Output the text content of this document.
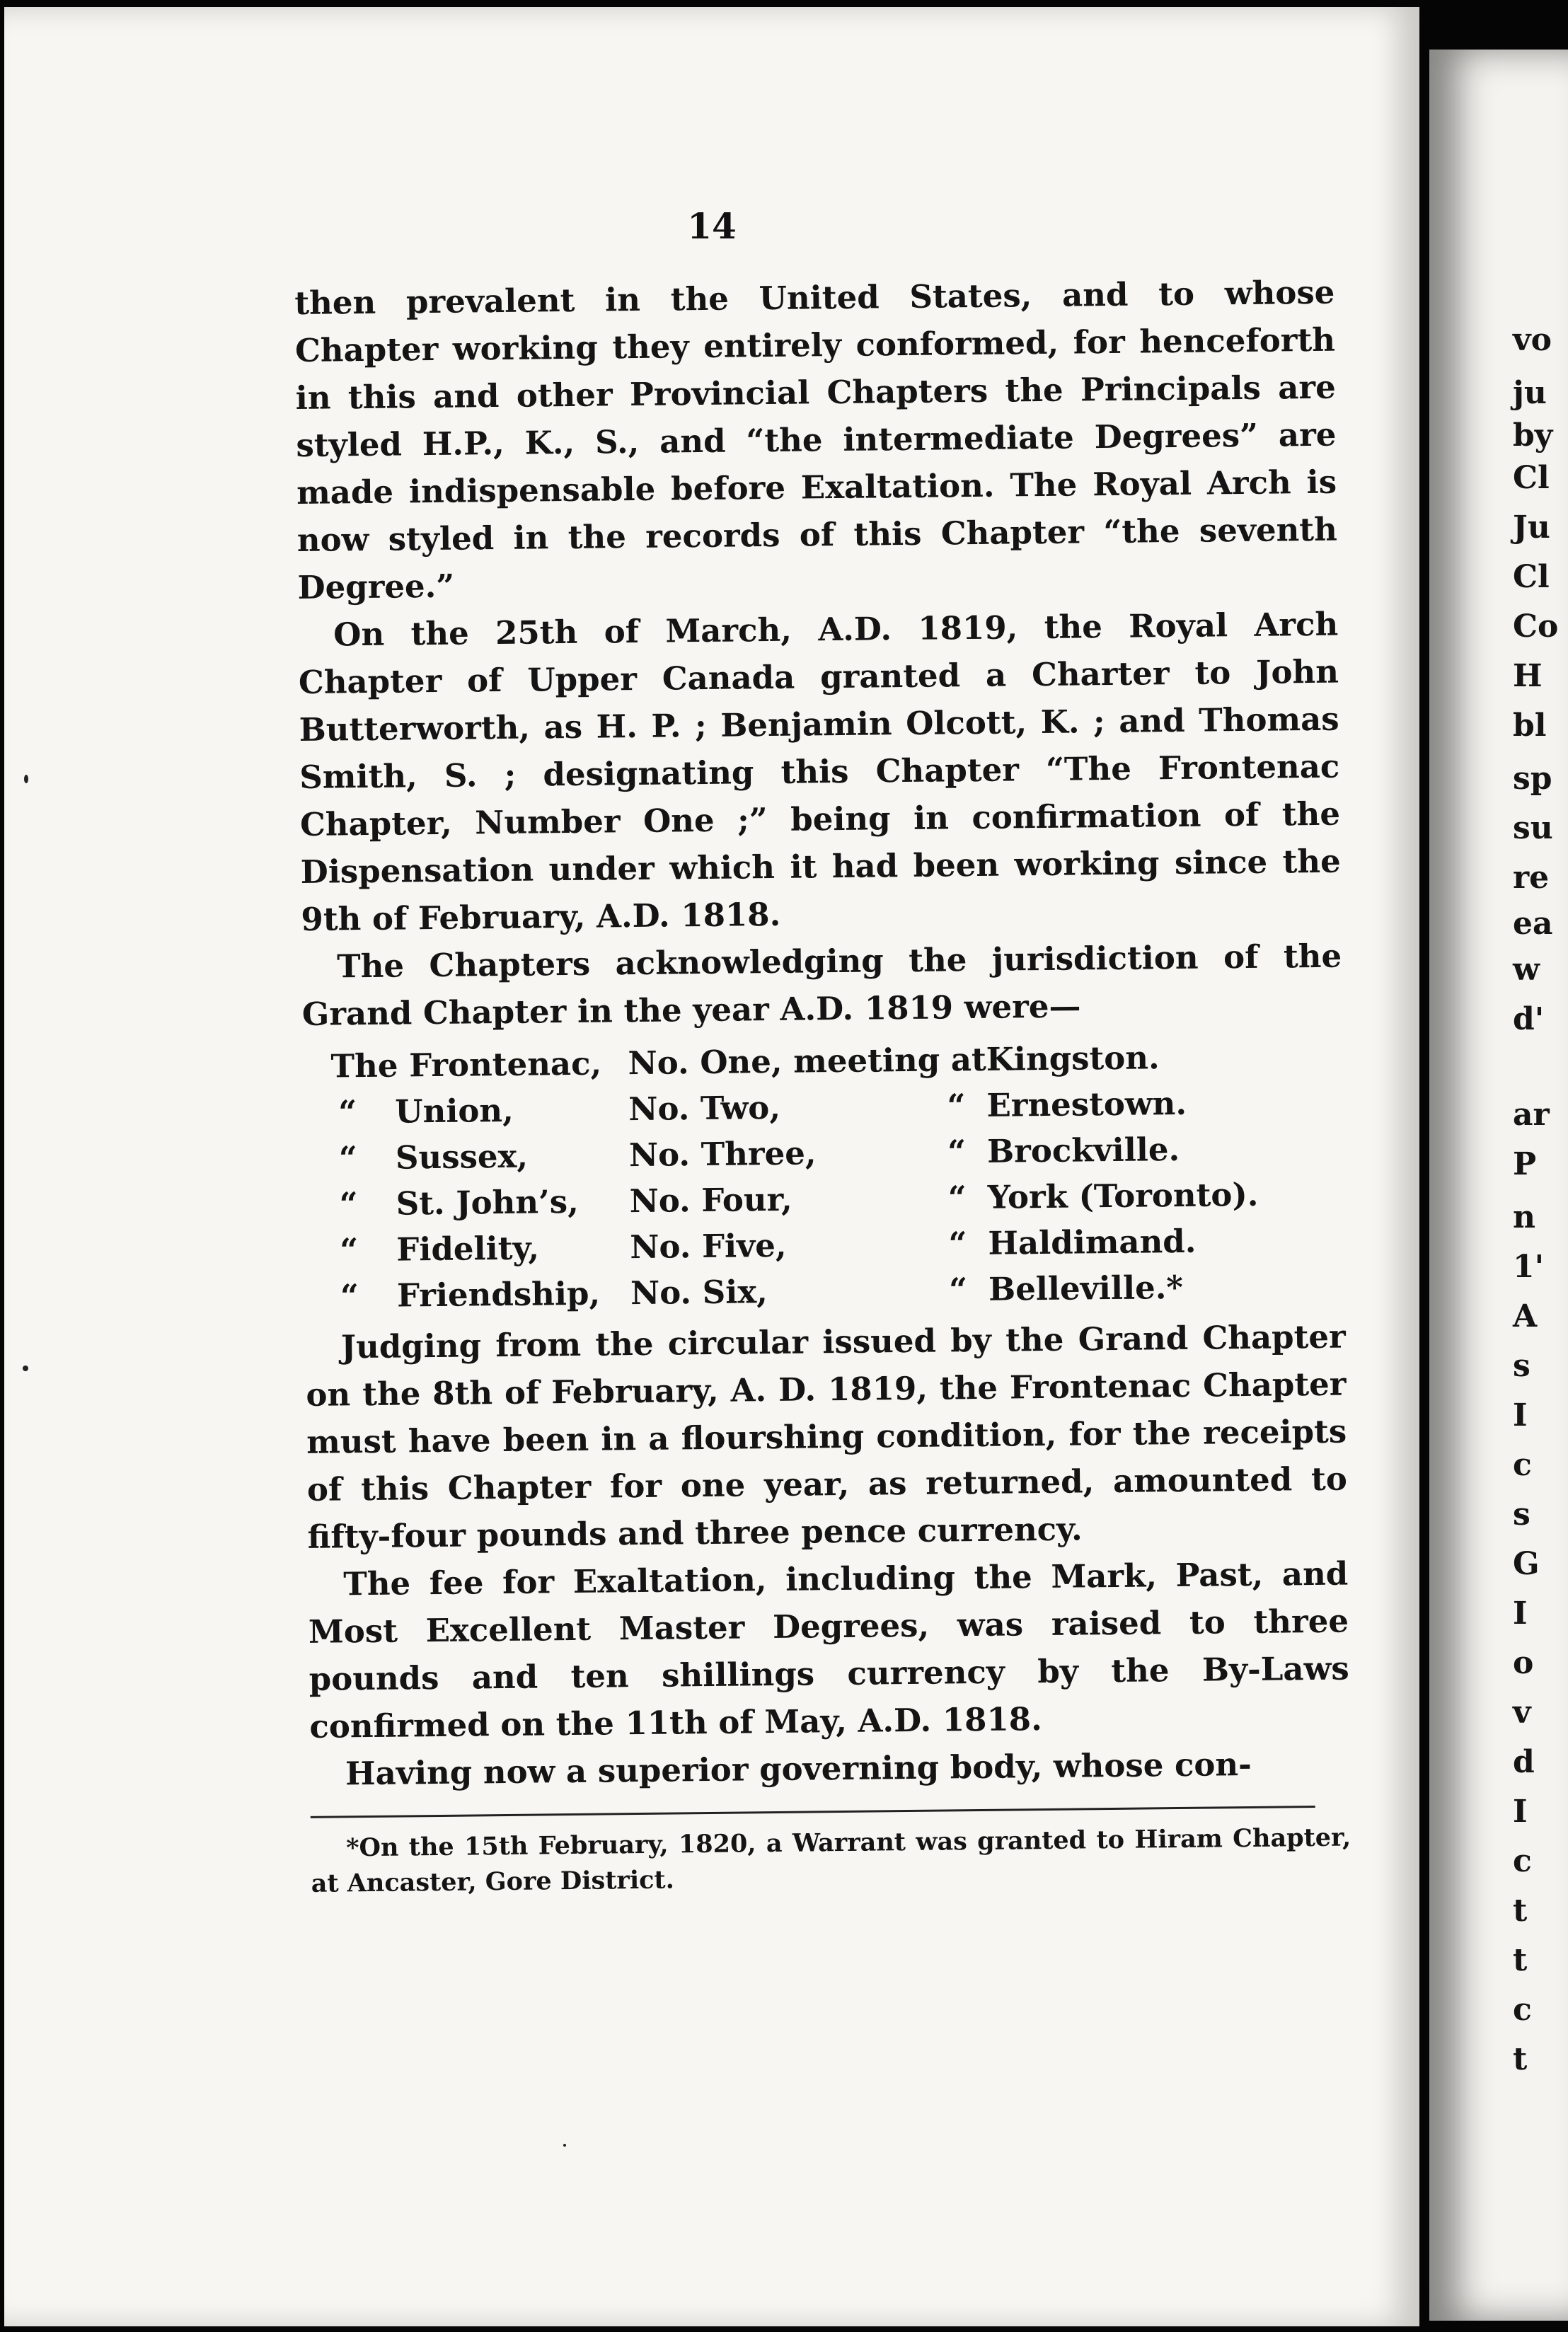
14

then prevalent in the United States, and to whose Chapter working they entirely conformed, for henceforth in this and other Provincial Chapters the Principals are styled H.P., K., S., and “the intermediate Degrees” are made indispensable before Exaltation. The Royal Arch is now styled in the records of this Chapter “the seventh Degree.”

On the 25th of March, A.D. 1819, the Royal Arch Chapter of Upper Canada granted a Charter to John Butterworth, as H. P. ; Benjamin Olcott, K. ; and Thomas Smith, S. ; designating this Chapter “The Frontenac Chapter, Number One ;” being in confirmation of the Dispensation under which it had been working since the 9th of February, A.D. 1818.

The Chapters acknowledging the jurisdiction of the Grand Chapter in the year A.D. 1819 were—

The Frontenac,	No. One, meeting at	Kingston.
“ Union,	No. Two, “	Ernestown.
“ Sussex,	No. Three, “	Brockville.
“ St. John’s,	No. Four, “	York (Toronto).
“ Fidelity,	No. Five, “	Haldimand.
“ Friendship,	No. Six, “	Belleville.*

Judging from the circular issued by the Grand Chapter on the 8th of February, A. D. 1819, the Frontenac Chapter must have been in a flourshing condition, for the receipts of this Chapter for one year, as returned, amounted to fifty-four pounds and three pence currency.

The fee for Exaltation, including the Mark, Past, and Most Excellent Master Degrees, was raised to three pounds and ten shillings currency by the By-Laws confirmed on the 11th of May, A.D. 1818.

Having now a superior governing body, whose con-

*On the 15th February, 1820, a Warrant was granted to Hiram Chapter, at Ancaster, Gore District.

vo
ju
by
Cl
Ju
Cl
Co
H
bl
sp
su
re
ea
w
d'
ar
P
n
1'
A
s
I
c
s
G
I
o
v
d
I
c
t
t
c
t
